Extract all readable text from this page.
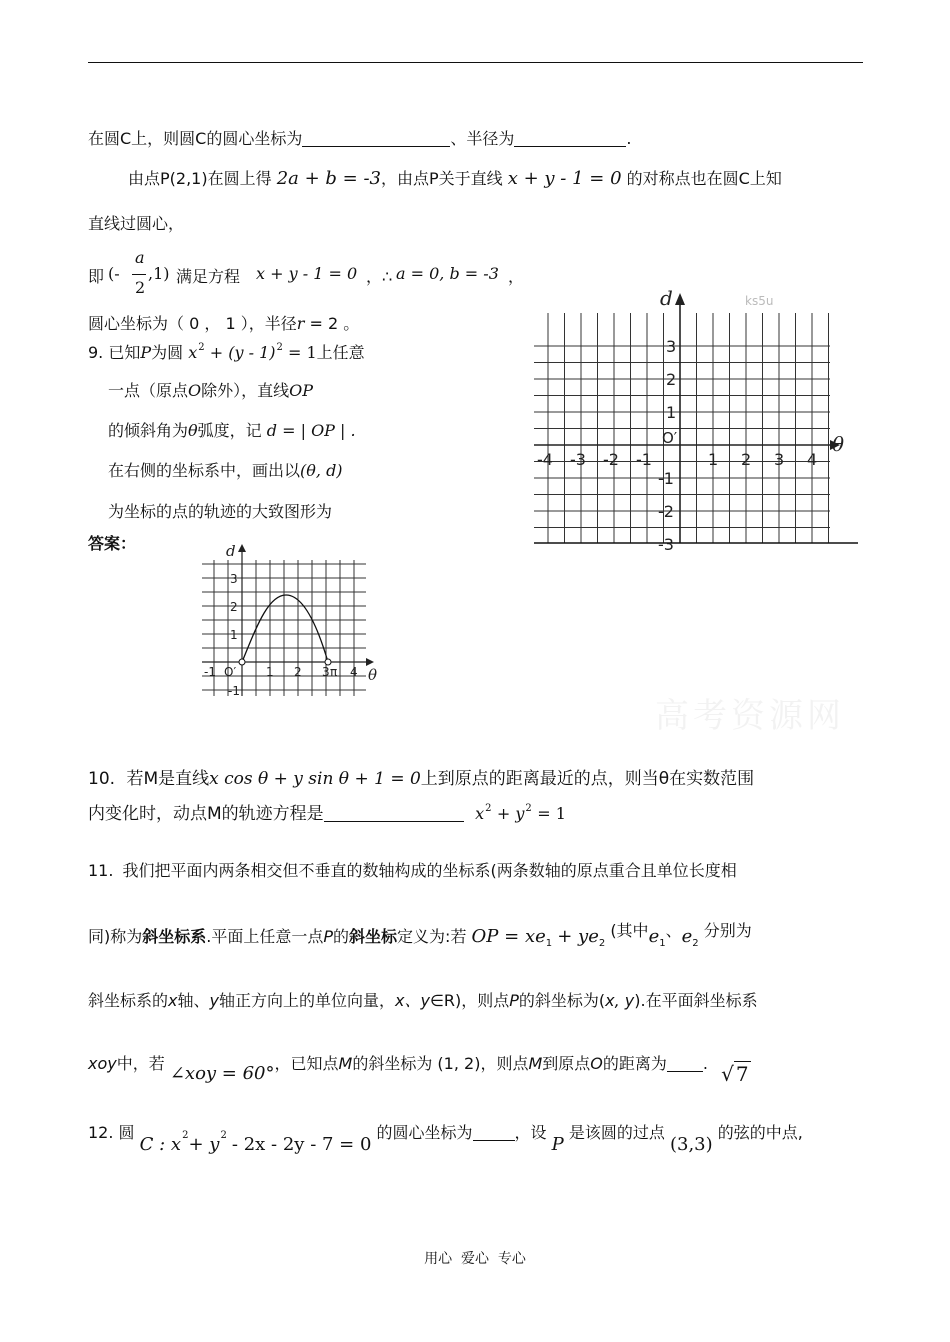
在圆C上，则圆C的圆心坐标为	、半径为	.
由点P(2,1)在圆上得 2a + b = -3，由点P关于直线 x + y - 1 = 0 的对称点也在圆C上知
直线过圆心，
即 (-
a
2
,1) 满足方程 x + y - 1 = 0 ，∴ a = 0, b = -3 ，
圆心坐标为（ 0 ， 1 ），半径r = 2 。
9. 已知P为圆 $x^2 + (y - 1)^2 = 1$上任意
一点（原点O除外），直线OP
的倾斜角为θ弧度，记 d = | OP | .
在右侧的坐标系中，画出以(θ, d)
为坐标的点的轨迹的大致图形为
答案：
d
θ
ks5u
O′
-4 -3 -2 -1	1 2 3 4
3
2
1
-1
-2
-3
d
θ
O′	π
-1	1 2 3 4
3
2
1
-1
高考资源网
10. 若M是直线x cos θ + y sin θ + 1 = 0上到原点的距离最近的点，则当θ在实数范围
内变化时，动点M的轨迹方程是	$x^2 + y^2 = 1$
11. 我们把平面内两条相交但不垂直的数轴构成的坐标系(两条数轴的原点重合且单位长度相
同)称为斜坐标系.平面上任意一点P的斜坐标定义为:若 OP = $xe_1 + ye_2$ (其中$e_1$、$e_2$ 分别为
斜坐标系的x轴、y轴正方向上的单位向量，x、y∈R)，则点P的斜坐标为(x, y).在平面斜坐标系
xoy中，若 ∠xoy = 60°，已知点M的斜坐标为 (1, 2)，则点M到原点O的距离为 . √ 7
12. 圆 C : x2+ y2 - 2x - 2y - 7 = 0 的圆心坐标为	，设 P 是该圆的过点 (3,3) 的弦的中点,
用心  爱心  专心
